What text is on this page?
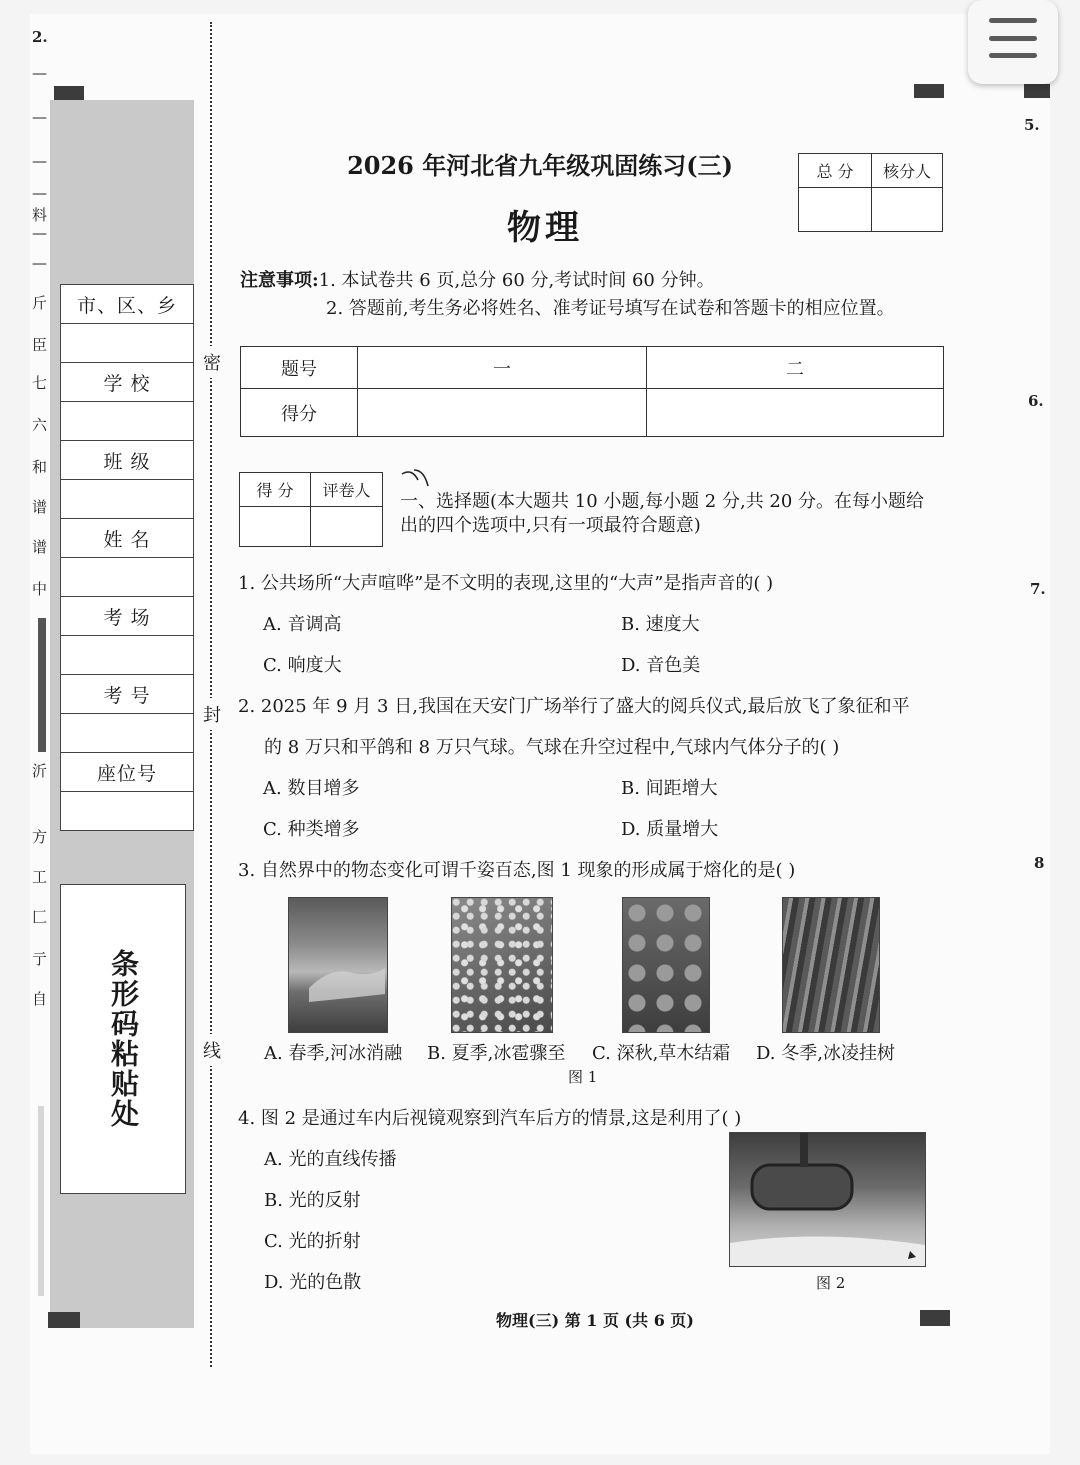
2.
—
—
—
—
—
料
—
斤
臣
七
六
和
谱
谱
中
沂
方
工
匚
亍
自
市、区、乡

学 校

班 级

姓 名

考 场

考 号

座位号

条形码粘贴处
密
封
线
5.
6.
7.
8
2026 年河北省九年级巩固练习(三)
物理
总 分	核分人

注意事项:1. 本试卷共 6 页,总分 60 分,考试时间 60 分钟。
2. 答题前,考生务必将姓名、准考证号填写在试卷和答题卡的相应位置。
题号	一	二
得分		
得 分	评卷人

一、选择题(本大题共 10 小题,每小题 2 分,共 20 分。在每小题给
出的四个选项中,只有一项最符合题意)
1. 公共场所“大声喧哗”是不文明的表现,这里的“大声”是指声音的( )
A. 音调高	B. 速度大
C. 响度大	D. 音色美
2. 2025 年 9 月 3 日,我国在天安门广场举行了盛大的阅兵仪式,最后放飞了象征和平
的 8 万只和平鸽和 8 万只气球。气球在升空过程中,气球内气体分子的( )
A. 数目增多	B. 间距增大
C. 种类增多	D. 质量增大
3. 自然界中的物态变化可谓千姿百态,图 1 现象的形成属于熔化的是( )
A. 春季,河冰消融 B. 夏季,冰雹骤至 C. 深秋,草木结霜 D. 冬季,冰凌挂树
图 1
4. 图 2 是通过车内后视镜观察到汽车后方的情景,这是利用了( )
A. 光的直线传播
B. 光的反射
C. 光的折射
D. 光的色散	图 2
物理(三) 第 1 页 (共 6 页)
